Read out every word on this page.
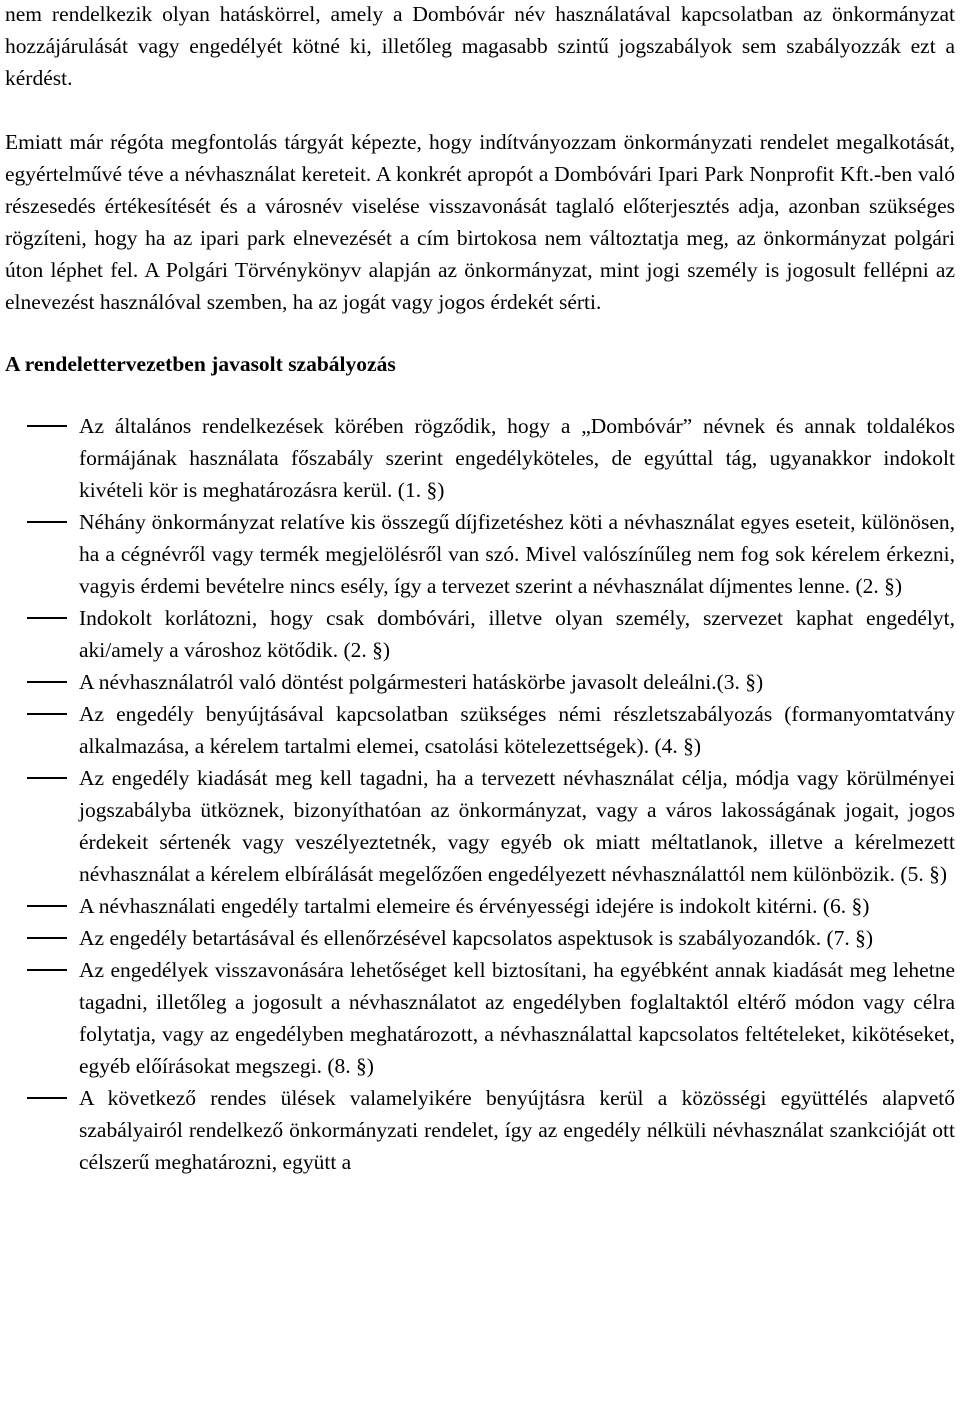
nem rendelkezik olyan hatáskörrel, amely a Dombóvár név használatával kapcsolatban az önkormányzat hozzájárulását vagy engedélyét kötné ki, illetőleg magasabb szintű jogszabályok sem szabályozzák ezt a kérdést.

Emiatt már régóta megfontolás tárgyát képezte, hogy indítványozzam önkormányzati rendelet megalkotását, egyértelművé téve a névhasználat kereteit. A konkrét apropót a Dombóvári Ipari Park Nonprofit Kft.-ben való részesedés értékesítését és a városnév viselése visszavonását taglaló előterjesztés adja, azonban szükséges rögzíteni, hogy ha az ipari park elnevezését a cím birtokosa nem változtatja meg, az önkormányzat polgári úton léphet fel. A Polgári Törvénykönyv alapján az önkormányzat, mint jogi személy is jogosult fellépni az elnevezést használóval szemben, ha az jogát vagy jogos érdekét sérti.

A rendelettervezetben javasolt szabályozás

Az általános rendelkezések körében rögződik, hogy a „Dombóvár” névnek és annak toldalékos formájának használata főszabály szerint engedélyköteles, de egyúttal tág, ugyanakkor indokolt kivételi kör is meghatározásra kerül. (1. §)
Néhány önkormányzat relatíve kis összegű díjfizetéshez köti a névhasználat egyes eseteit, különösen, ha a cégnévről vagy termék megjelölésről van szó. Mivel valószínűleg nem fog sok kérelem érkezni, vagyis érdemi bevételre nincs esély, így a tervezet szerint a névhasználat díjmentes lenne. (2. §)
Indokolt korlátozni, hogy csak dombóvári, illetve olyan személy, szervezet kaphat engedélyt, aki/amely a városhoz kötődik. (2. §)
A névhasználatról való döntést polgármesteri hatáskörbe javasolt deleálni.(3. §)
Az engedély benyújtásával kapcsolatban szükséges némi részletszabályozás (formanyomtatvány alkalmazása, a kérelem tartalmi elemei, csatolási kötelezettségek). (4. §)
Az engedély kiadását meg kell tagadni, ha a tervezett névhasználat célja, módja vagy körülményei jogszabályba ütköznek, bizonyíthatóan az önkormányzat, vagy a város lakosságának jogait, jogos érdekeit sértenék vagy veszélyeztetnék, vagy egyéb ok miatt méltatlanok, illetve a kérelmezett névhasználat a kérelem elbírálását megelőzően engedélyezett névhasználattól nem különbözik. (5. §)
A névhasználati engedély tartalmi elemeire és érvényességi idejére is indokolt kitérni. (6. §)
Az engedély betartásával és ellenőrzésével kapcsolatos aspektusok is szabályozandók. (7. §)
Az engedélyek visszavonására lehetőséget kell biztosítani, ha egyébként annak kiadását meg lehetne tagadni, illetőleg a jogosult a névhasználatot az engedélyben foglaltaktól eltérő módon vagy célra folytatja, vagy az engedélyben meghatározott, a névhasználattal kapcsolatos feltételeket, kikötéseket, egyéb előírásokat megszegi. (8. §)
A következő rendes ülések valamelyikére benyújtásra kerül a közösségi együttélés alapvető szabályairól rendelkező önkormányzati rendelet, így az engedély nélküli névhasználat szankcióját ott célszerű meghatározni, együtt a
